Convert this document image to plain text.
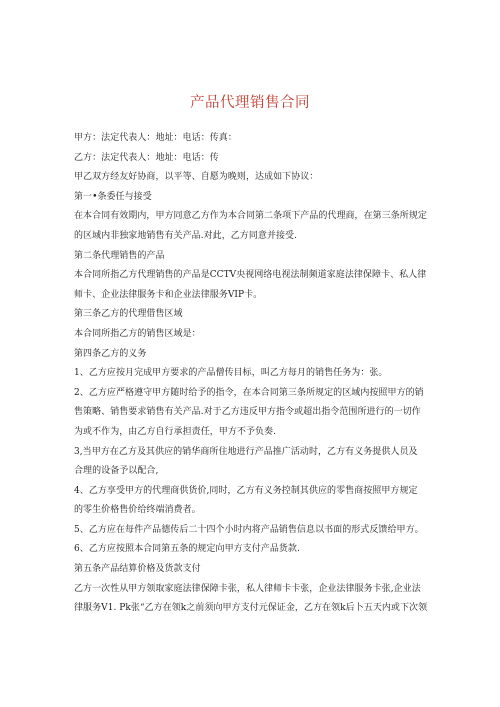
产品代理销售合同
甲方：法定代表人：地址：电话：传真：
乙方：法定代表人：地址：电话：传
甲乙双方经友好协商，以平等、自愿为晚则，达成如下协议：
第一•条委任与接受
在本合同有效期内，甲方同意乙方作为本合同第二条项下产品的代理商，在第三条所规定
的区域内非独家地销售有关产品.对此，乙方同意并接受.
第二条代理销售的产品
本合同所指乙方代理销售的产品是CCTV央视网络电视法制频道家庭法律保障卡、私人律
师卡、企业法律服务卡和企业法律服务VIP卡。
第三条乙方的代理借售区域
本合同所指乙方的销售区域是：
第四条乙方的义务
1、乙方应按月完成甲方要求的产品僧传目标，叫乙方每月的销售任务为：张。
2、乙方应严格遵守甲方随时给予的指令，在本合同第三条所规定的区域内按照甲方的销
售策略、销售要求销售有关产品.对于乙方违反甲方指令或超出指令范围所进行的一切作
为或不作为，由乙方自行承担责任，甲方不予负奏.
3,当甲方在乙方及其供应的销华商所住地进行产品推广活动时，乙方有义务提供人员及
合理的设备予以配合,
4、乙方享受甲方的代理商供货价,同时，乙方有义务控制其供应的零售商按照甲方规定
的零生价格售价给终端消费者。
5、乙方应在每件产品德传后二十四个小时内将产品销售信息以书面的形式反馈给甲方。
6、乙方应按照本合同第五条的规定向甲方支付产品货款.
第五条产品结算价格及货款支付
乙方一次性从甲方领取家庭法律保障卡张，私人律师卡卡张，企业法律服务卡张,企业法
律服务V1. Pk张“乙方在领k之前须向甲方支付元保证金，乙方在领k后卜五天内或下次领
